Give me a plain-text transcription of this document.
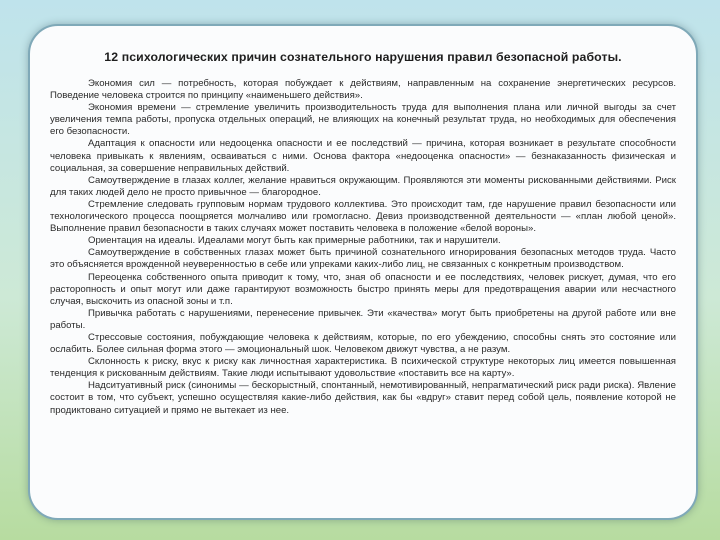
12 психологических причин сознательного нарушения правил безопасной работы.

Экономия сил — потребность, которая побуждает к действиям, направленным на сохранение энергетических ресурсов. Поведение человека строится по принципу «наименьшего действия».

Экономия времени — стремление увеличить производительность труда для выполнения плана или личной выгоды за счет увеличения темпа работы, пропуска отдельных операций, не влияющих на конечный результат труда, но необходимых для обеспечения его безопасности.

Адаптация к опасности или недооценка опасности и ее последствий — причина, которая возникает в результате способности человека привыкать к явлениям, осваиваться с ними. Основа фактора «недооценка опасности» — безнаказанность физическая и социальная, за совершение неправильных действий.

Самоутверждение в глазах коллег, желание нравиться окружающим. Проявляются эти моменты рискованными действиями. Риск для таких людей дело не просто привычное — благородное.

Стремление следовать групповым нормам трудового коллектива. Это происходит там, где нарушение правил безопасности или технологического процесса поощряется молчаливо или громогласно. Девиз производственной деятельности — «план любой ценой». Выполнение правил безопасности в таких случаях может поставить человека в положение «белой вороны».

Ориентация на идеалы. Идеалами могут быть как примерные работники, так и нарушители.

Самоутверждение в собственных глазах может быть причиной сознательного игнорирования безопасных методов труда. Часто это объясняется врожденной неуверенностью в себе или упреками каких-либо лиц, не связанных с конкретным производством.

Переоценка собственного опыта приводит к тому, что, зная об опасности и ее последствиях, человек рискует, думая, что его расторопность и опыт могут или даже гарантируют возможность быстро принять меры для предотвращения аварии или несчастного случая, выскочить из опасной зоны и т.п.

Привычка работать с нарушениями, перенесение привычек. Эти «качества» могут быть приобретены на другой работе или вне работы.

Стрессовые состояния, побуждающие человека к действиям, которые, по его убеждению, способны снять это состояние или ослабить. Более сильная форма этого — эмоциональный шок. Человеком движут чувства, а не разум.

Склонность к риску, вкус к риску как личностная характеристика. В психической структуре некоторых лиц имеется повышенная тенденция к рискованным действиям. Такие люди испытывают удовольствие «поставить все на карту».

Надситуативный риск (синонимы — бескорыстный, спонтанный, немотивированный, непрагматический риск ради риска). Явление состоит в том, что субъект, успешно осуществляя какие-либо действия, как бы «вдруг» ставит перед собой цель, появление которой не продиктовано ситуацией и прямо не вытекает из нее.
